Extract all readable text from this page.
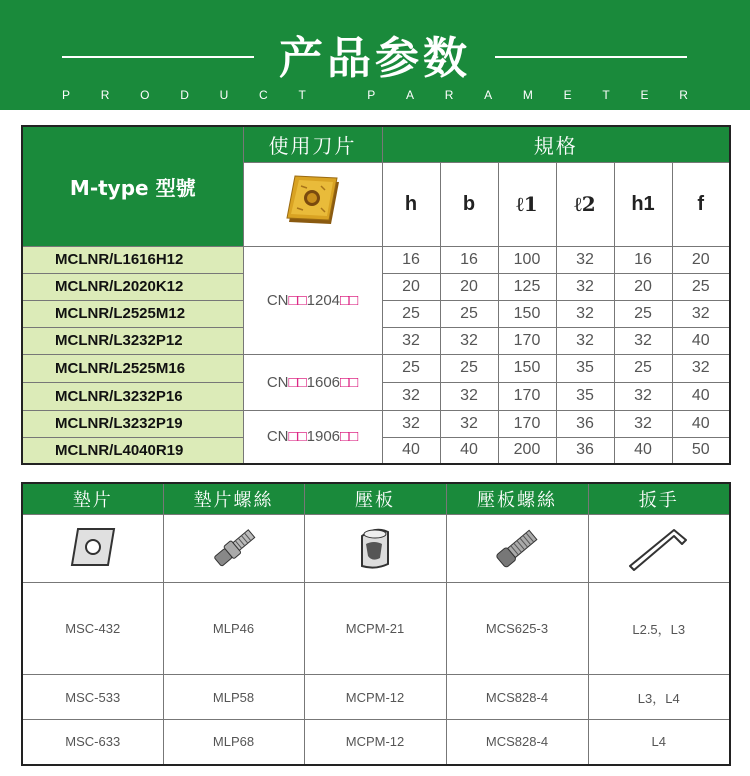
产品参数
P	R	O	D	U	C	T	P	A	R	A	M	E	T	E	R
M-type 型號	使用刀片	規格					
	h	b	ℓ1	ℓ2	h1	f
MCLNR/L1616H12	CN□□1204□□	16	16	100	32	16	20
MCLNR/L2020K12		20	20	125	32	20	25
MCLNR/L2525M12		25	25	150	32	25	32
MCLNR/L3232P12		32	32	170	32	32	40
MCLNR/L2525M16	CN□□1606□□	25	25	150	35	25	32
MCLNR/L3232P16		32	32	170	35	32	40
MCLNR/L3232P19	CN□□1906□□	32	32	170	36	32	40
MCLNR/L4040R19		40	40	200	36	40	50
墊片	墊片螺絲	壓板	壓板螺絲	扳手

MSC-432	MLP46	MCPM-21	MCS625-3	L2.5，L3
MSC-533	MLP58	MCPM-12	MCS828-4	L3，L4
MSC-633	MLP68	MCPM-12	MCS828-4	L4
